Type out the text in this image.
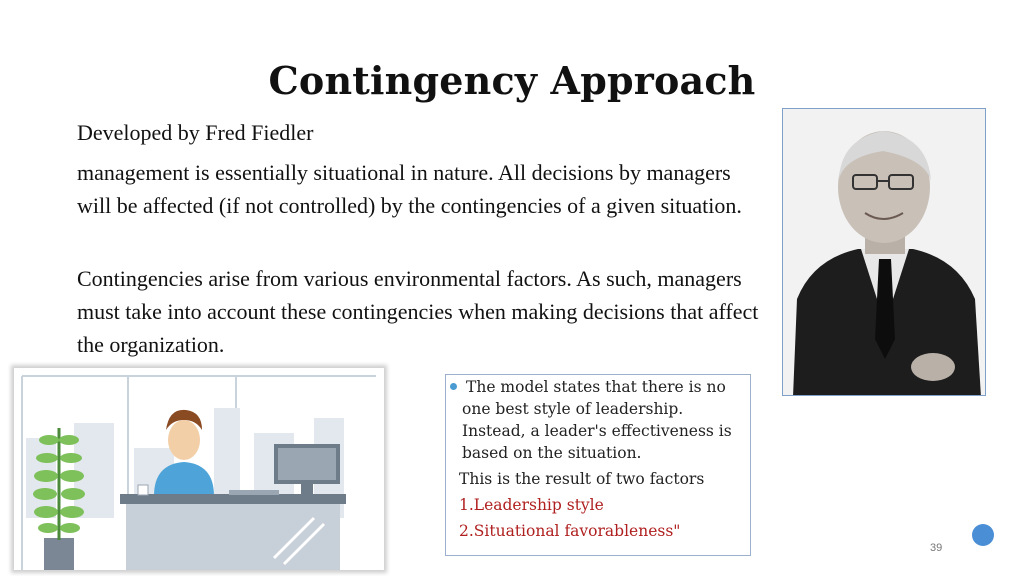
Contingency Approach
Developed by Fred Fiedler
management is essentially situational in nature. All decisions by managers will be affected (if not controlled) by the contingencies of a given situation.
Contingencies arise from various environmental factors. As such, managers must take into account these contingencies when making decisions that affect the organization.
The model states that there is no
one best style of leadership.
Instead, a leader's effectiveness is
based on the situation.
This is the result of two factors
1.Leadership style
2.Situational favorableness"
39
